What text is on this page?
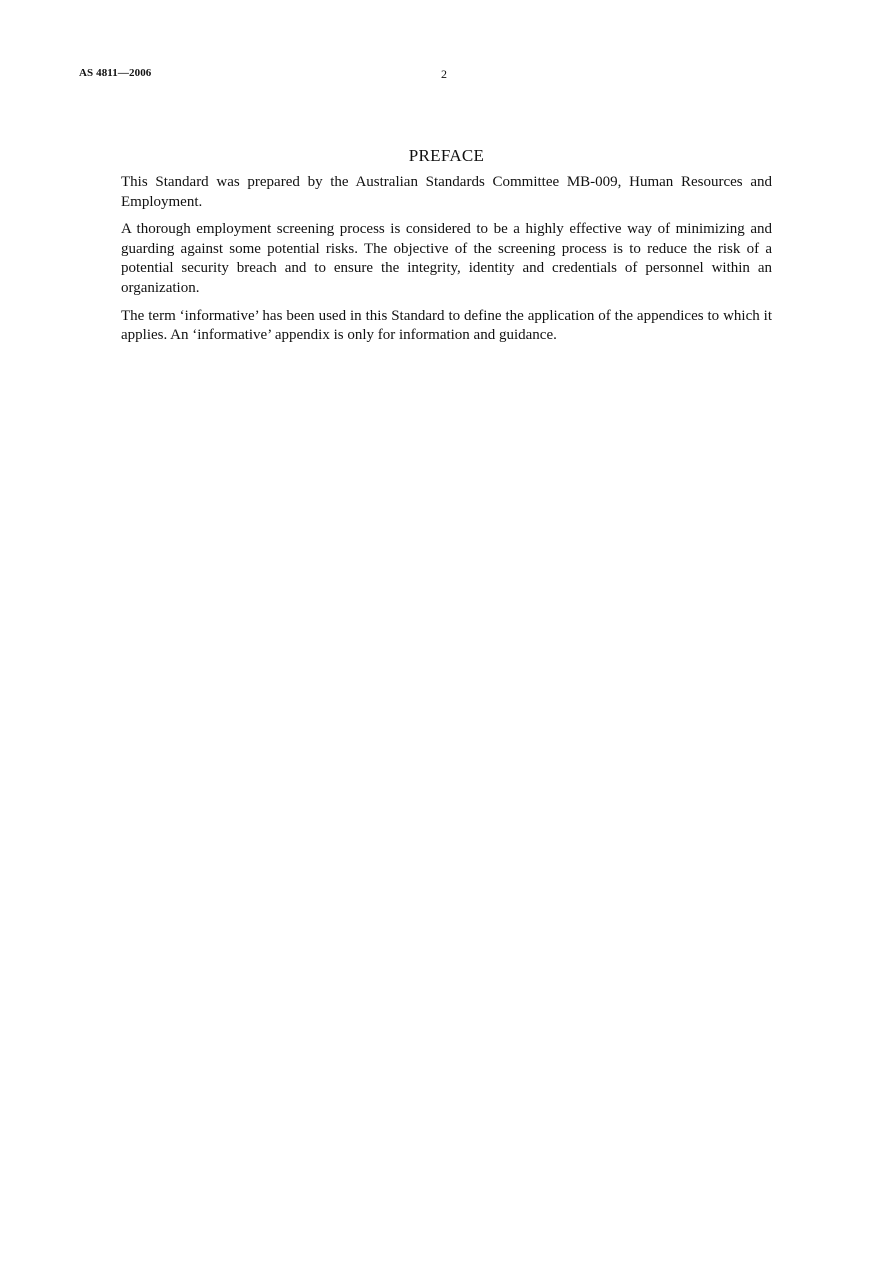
AS 4811—2006	2
PREFACE

This Standard was prepared by the Australian Standards Committee MB-009, Human Resources and Employment.

A thorough employment screening process is considered to be a highly effective way of minimizing and guarding against some potential risks. The objective of the screening process is to reduce the risk of a potential security breach and to ensure the integrity, identity and credentials of personnel within an organization.

The term ‘informative’ has been used in this Standard to define the application of the appendices to which it applies. An ‘informative’ appendix is only for information and guidance.
